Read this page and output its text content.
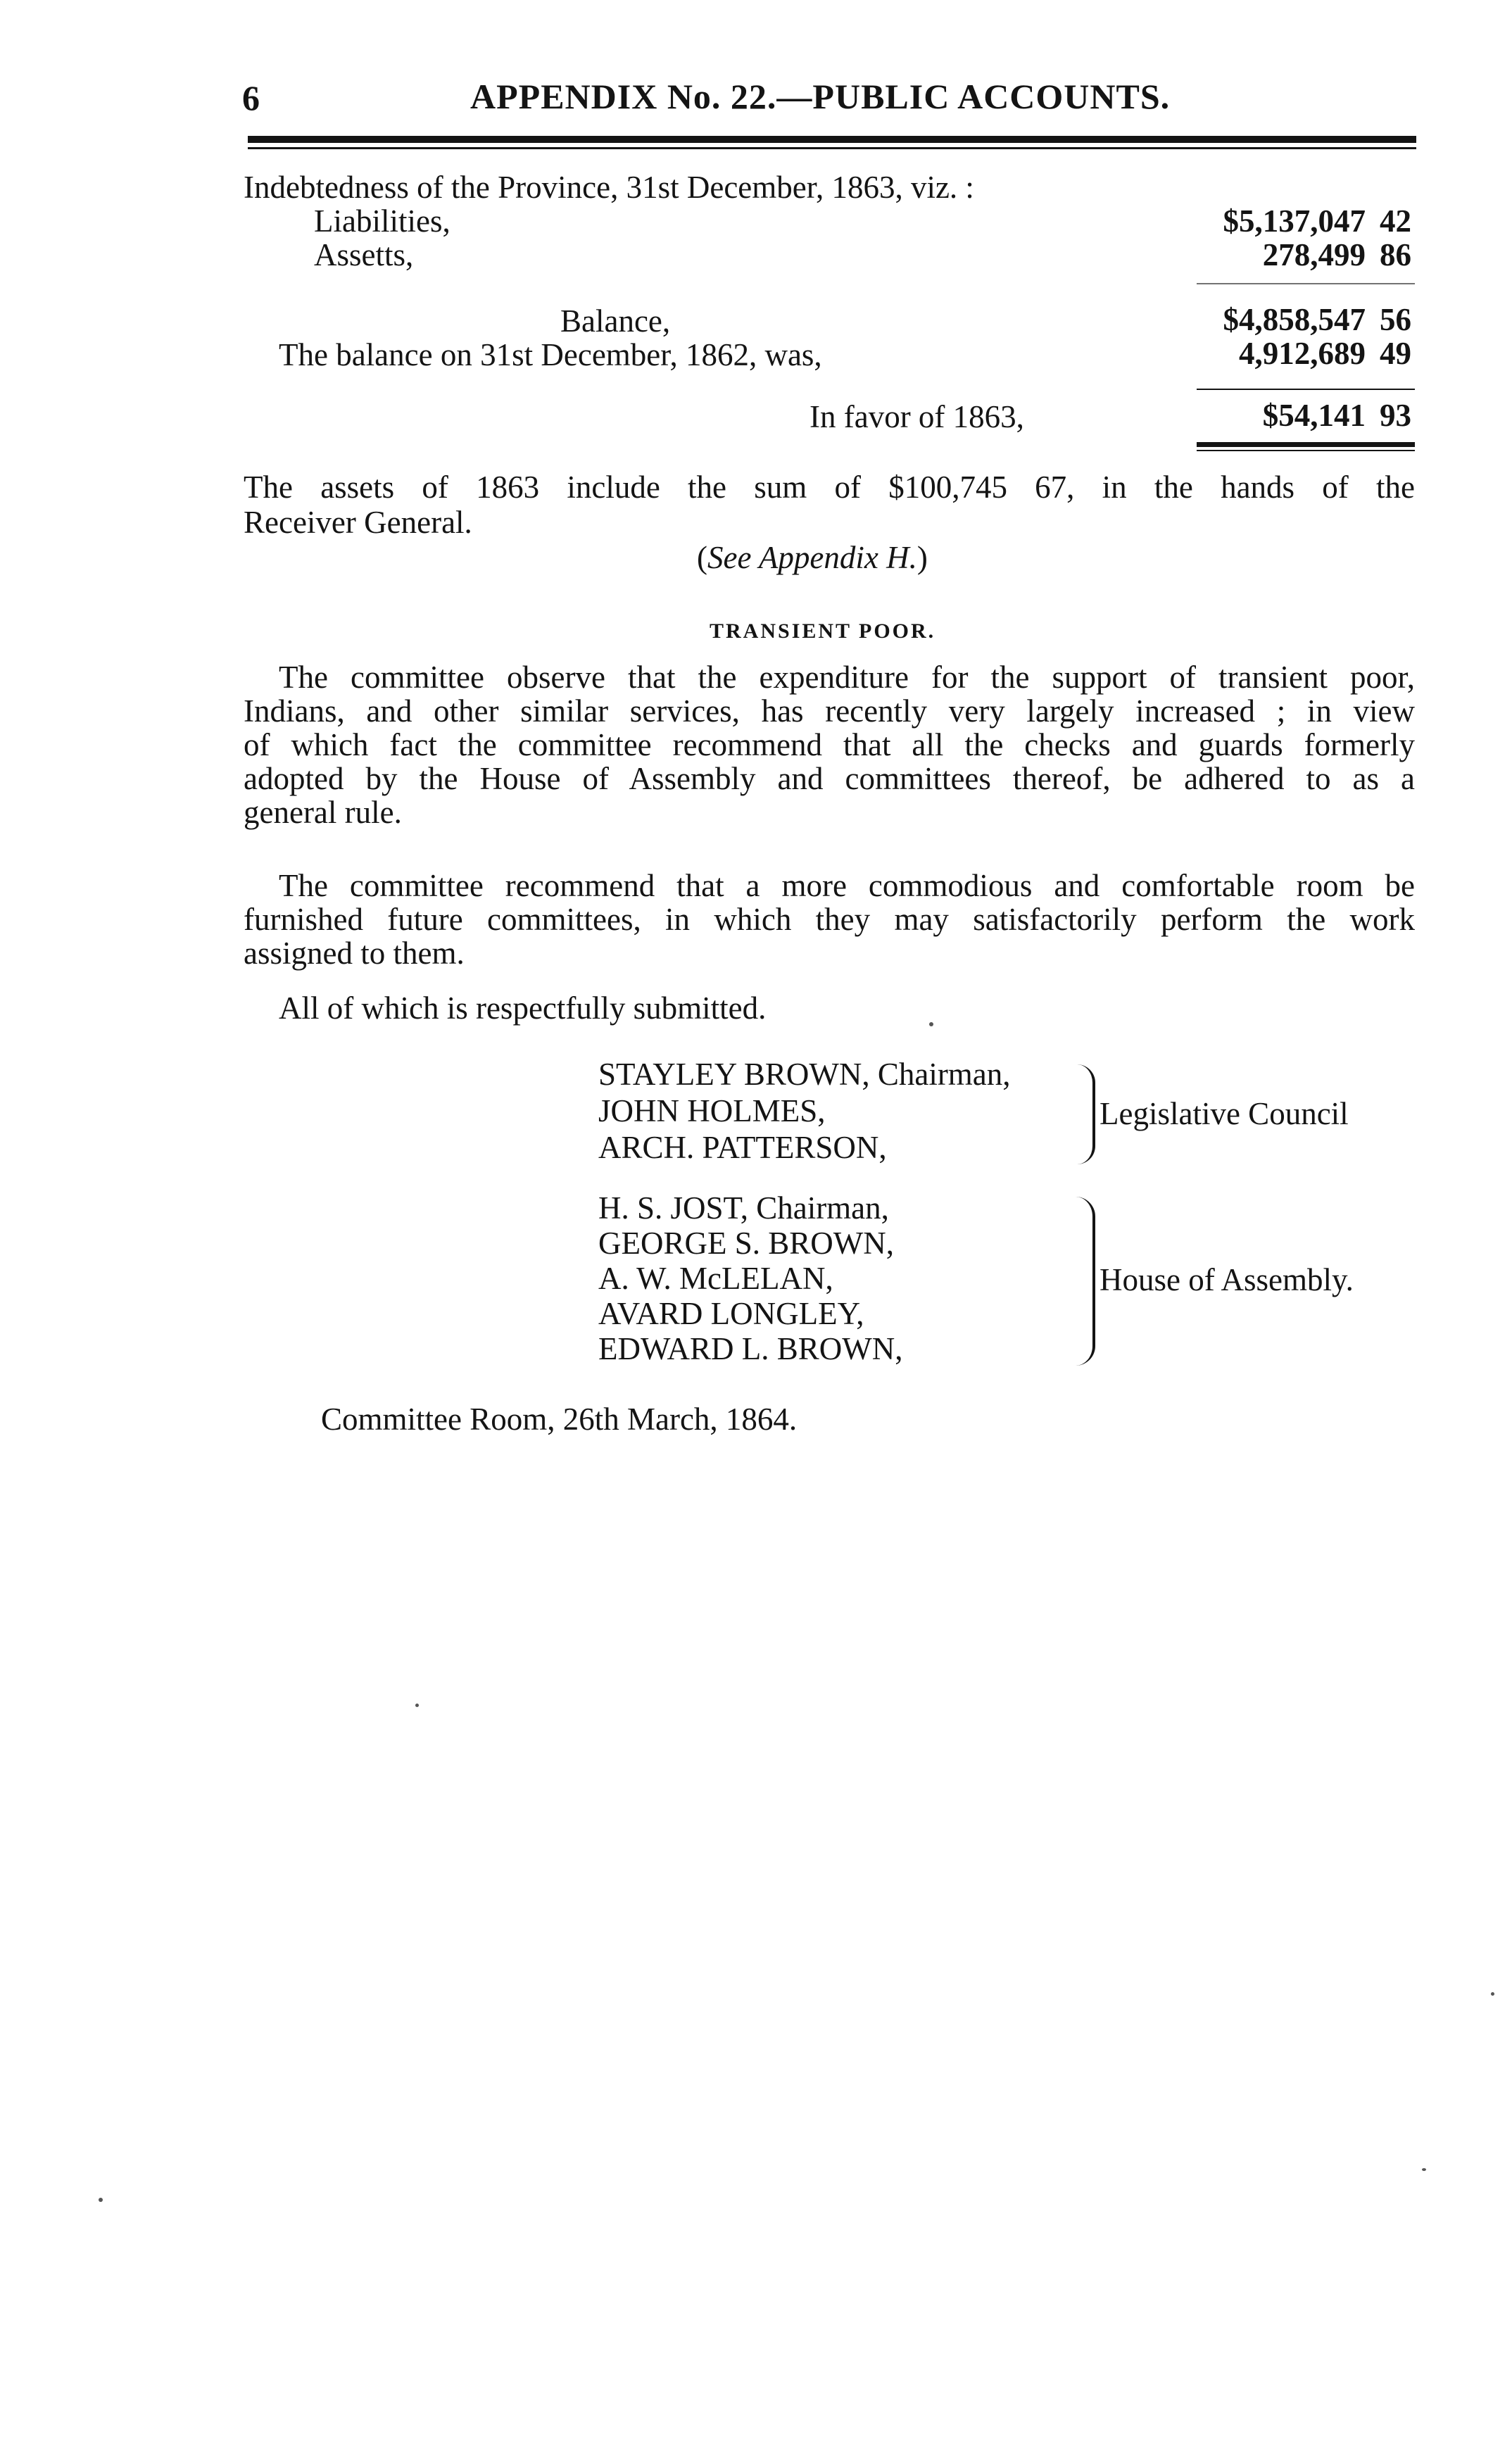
6	APPENDIX No. 22.—PUBLIC ACCOUNTS.
Indebtedness of the Province, 31st December, 1863, viz. :
Liabilities,	$5,137,047 42
Assetts,	278,499 86
Balance,	$4,858,547 56
The balance on 31st December, 1862, was,	4,912,689 49
In favor of 1863,	$54,141 93
The assets of 1863 include the sum of $100,745 67, in the hands of the
Receiver General.
(See Appendix H.)
TRANSIENT POOR.
The committee observe that the expenditure for the support of transient poor,
Indians, and other similar services, has recently very largely increased ; in view
of which fact the committee recommend that all the checks and guards formerly
adopted by the House of Assembly and committees thereof, be adhered to as a
general rule.
The committee recommend that a more commodious and comfortable room be
furnished future committees, in which they may satisfactorily perform the work
assigned to them.
All of which is respectfully submitted.
STAYLEY BROWN, Chairman,
JOHN HOLMES,
ARCH. PATTERSON,
Legislative Council
H. S. JOST, Chairman,
GEORGE S. BROWN,
A. W. McLELAN,
AVARD LONGLEY,
EDWARD L. BROWN,
House of Assembly.
Committee Room, 26th March, 1864.
